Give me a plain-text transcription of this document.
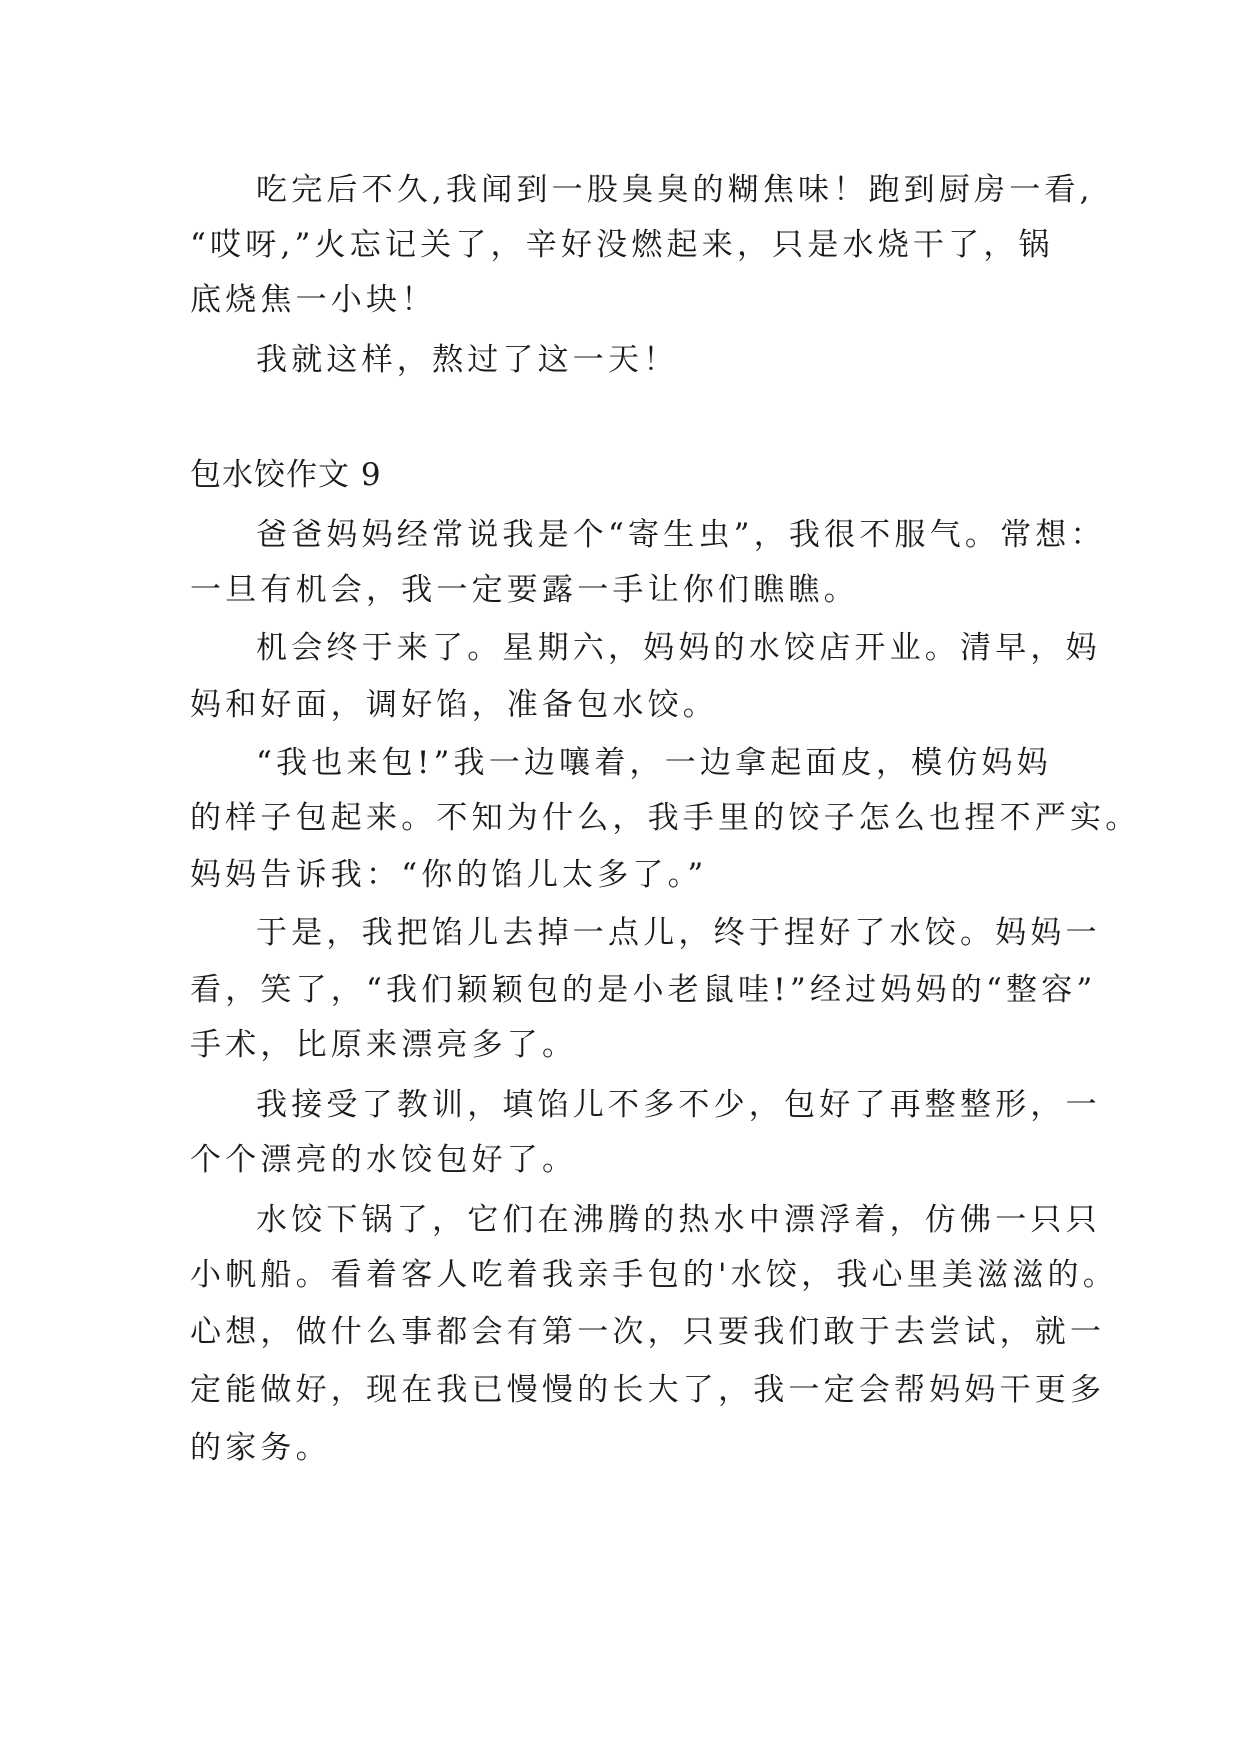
吃完后不久,我闻到一股臭臭的糊焦味！跑到厨房一看,
“哎呀,”火忘记关了，辛好没燃起来，只是水烧干了，锅
底烧焦一小块！
我就这样，熬过了这一天！
包水饺作文 9
爸爸妈妈经常说我是个“寄生虫”，我很不服气。常想：
一旦有机会，我一定要露一手让你们瞧瞧。
机会终于来了。星期六，妈妈的水饺店开业。清早，妈
妈和好面，调好馅，准备包水饺。
“我也来包!”我一边嚷着，一边拿起面皮，模仿妈妈
的样子包起来。不知为什么，我手里的饺子怎么也捏不严实。
妈妈告诉我：“你的馅儿太多了。”
于是，我把馅儿去掉一点儿，终于捏好了水饺。妈妈一
看，笑了，“我们颖颖包的是小老鼠哇!”经过妈妈的“整容”
手术，比原来漂亮多了。
我接受了教训，填馅儿不多不少，包好了再整整形，一
个个漂亮的水饺包好了。
水饺下锅了，它们在沸腾的热水中漂浮着，仿佛一只只
小帆船。看着客人吃着我亲手包的'水饺，我心里美滋滋的。
心想，做什么事都会有第一次，只要我们敢于去尝试，就一
定能做好，现在我已慢慢的长大了，我一定会帮妈妈干更多
的家务。
